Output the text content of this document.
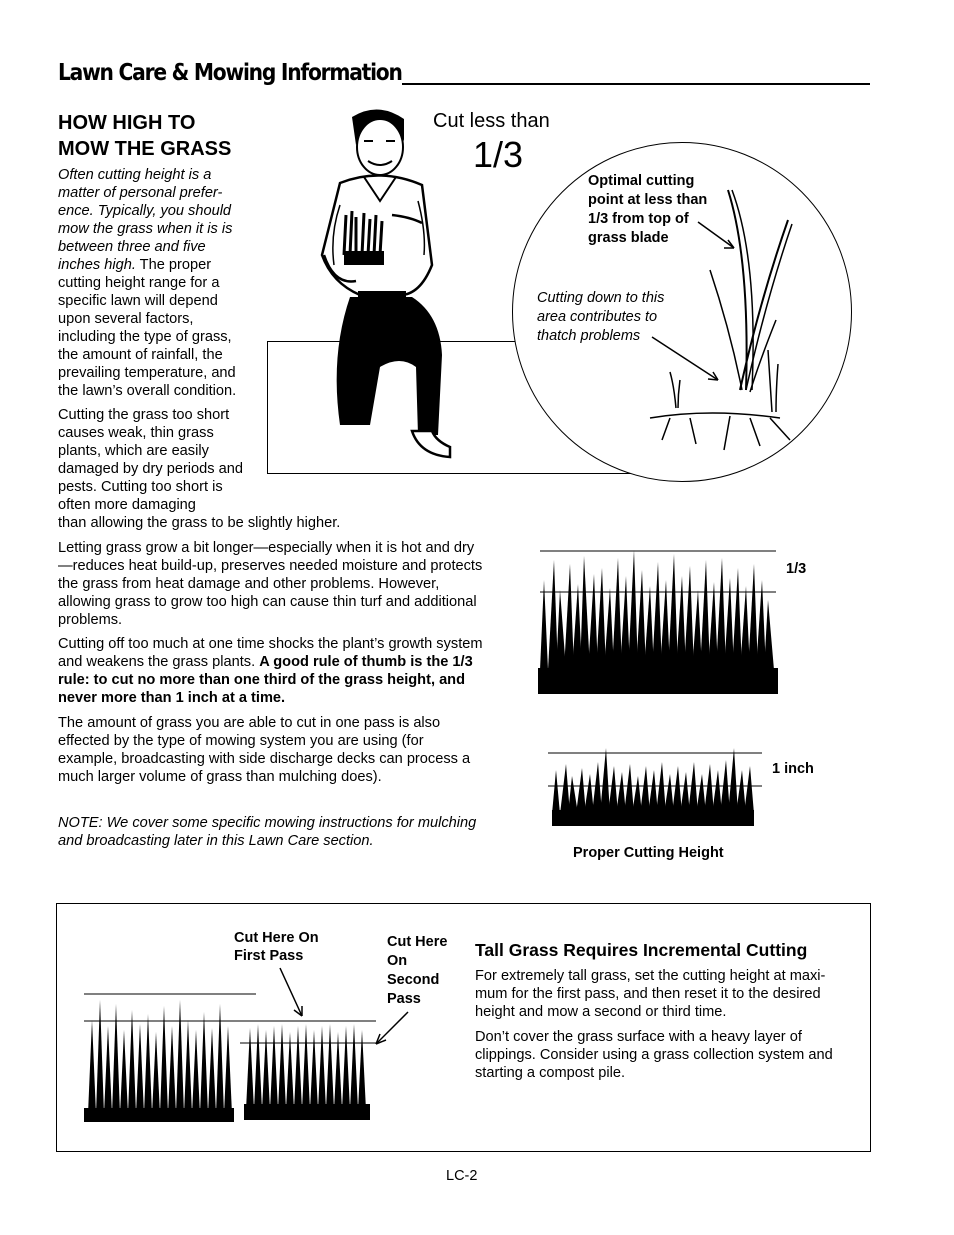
Lawn Care & Mowing Information
HOW HIGH TO
MOW THE GRASS

Often cutting height is a matter of personal prefer-ence. Typically, you should mow the grass when it is is between three and five inches high. The proper cutting height range for a specific lawn will depend upon several factors, including the type of grass, the amount of rainfall, the prevailing temperature, and the lawn’s overall condition.

Cutting the grass too short causes weak, thin grass plants, which are easily damaged by dry periods and pests. Cutting too short is often more damaging
than allowing the grass to be slightly higher.

Letting grass grow a bit longer—especially when it is hot and dry—reduces heat build-up, preserves needed moisture and protects the grass from heat damage and other problems. However, allowing grass to grow too high can cause thin turf and additional problems.

Cutting off too much at one time shocks the plant’s growth system and weakens the grass plants. A good rule of thumb is the 1/3 rule: to cut no more than one third of the grass height, and never more than 1 inch at a time.

The amount of grass you are able to cut in one pass is also effected by the type of mowing system you are using (for example, broadcasting with side discharge decks can process a much larger volume of grass than mulching does).

NOTE: We cover some specific mowing instructions for mulching and broadcasting later in this Lawn Care section.

Cut less than
1/3
Optimal cutting point at less than 1/3 from top of grass blade
Cutting down to this area contributes to thatch problems
1/3
1 inch
Proper Cutting Height
Tall Grass Requires Incremental Cutting

For extremely tall grass, set the cutting height at maxi-mum for the first pass, and then reset it to the desired height and mow a second or third time.

Don’t cover the grass surface with a heavy layer of clippings. Consider using a grass collection system and starting a compost pile.

Cut Here On First Pass
Cut Here On Second Pass
LC-2
